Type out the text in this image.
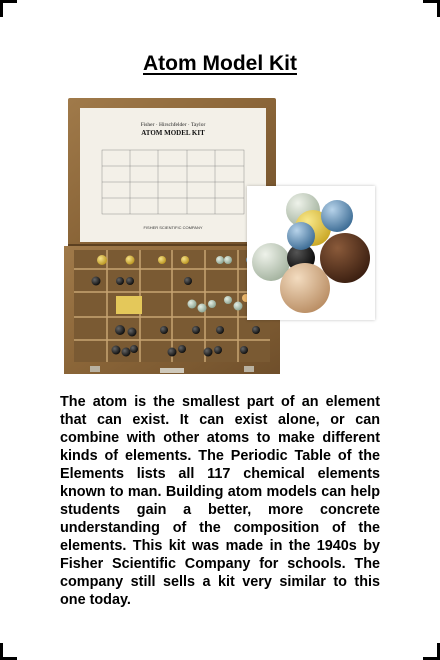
Atom Model Kit
Fisher · Hirschfelder · Taylor
ATOM MODEL KIT
FISHER SCIENTIFIC COMPANY

The atom is the smallest part of an element that can exist. It can exist alone, or can combine with other atoms to make different kinds of elements. The Periodic Table of the Elements lists all 117 chemical elements known to man. Building atom models can help students gain a better, more concrete understanding of the composition of the elements. This kit was made in the 1940s by Fisher Scientific Company for schools. The company still sells a kit very similar to this one today.
